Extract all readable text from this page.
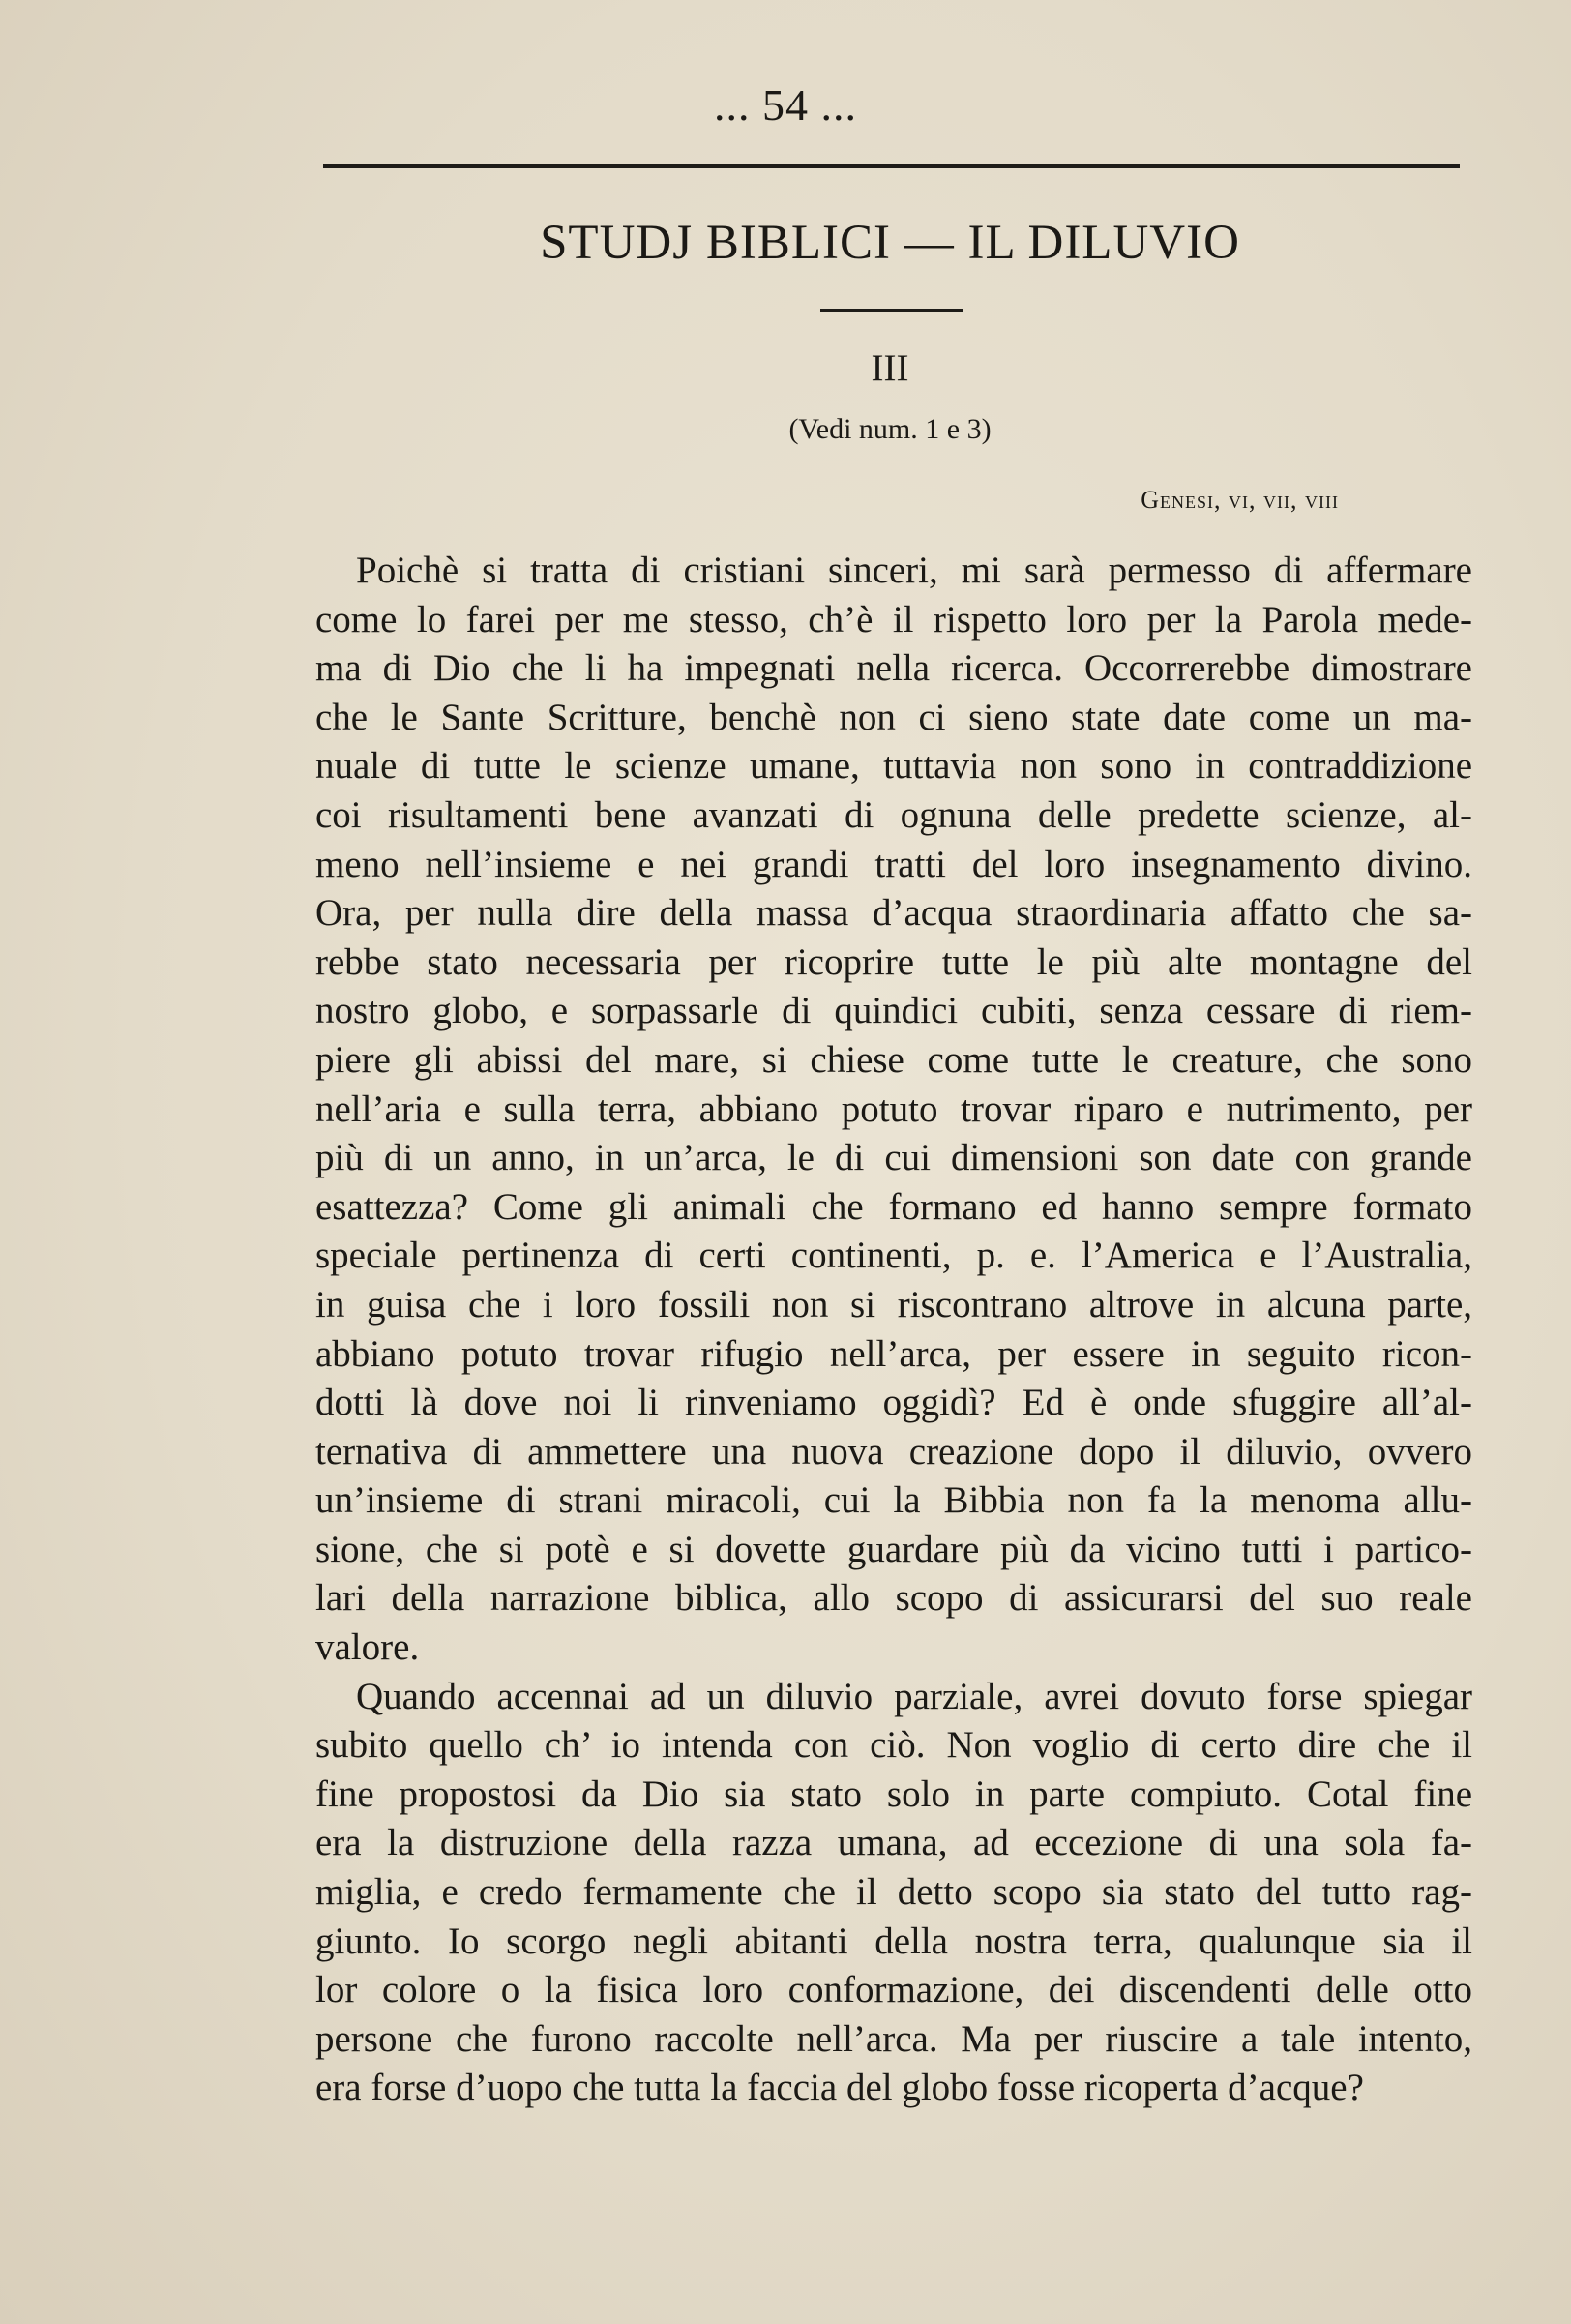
... 54 ...
STUDJ BIBLICI — IL DILUVIO
III
(Vedi num. 1 e 3)
Genesi, vi, vii, viii
Poichè si tratta di cristiani sinceri, mi sarà permesso di affermare
come lo farei per me stesso, ch’è il rispetto loro per la Parola mede-
ma di Dio che li ha impegnati nella ricerca. Occorrerebbe dimostrare
che le Sante Scritture, benchè non ci sieno state date come un ma-
nuale di tutte le scienze umane, tuttavia non sono in contraddizione
coi risultamenti bene avanzati di ognuna delle predette scienze, al-
meno nell’insieme e nei grandi tratti del loro insegnamento divino.
Ora, per nulla dire della massa d’acqua straordinaria affatto che sa-
rebbe stato necessaria per ricoprire tutte le più alte montagne del
nostro globo, e sorpassarle di quindici cubiti, senza cessare di riem-
piere gli abissi del mare, si chiese come tutte le creature, che sono
nell’aria e sulla terra, abbiano potuto trovar riparo e nutrimento, per
più di un anno, in un’arca, le di cui dimensioni son date con grande
esattezza? Come gli animali che formano ed hanno sempre formato
speciale pertinenza di certi continenti, p. e. l’America e l’Australia,
in guisa che i loro fossili non si riscontrano altrove in alcuna parte,
abbiano potuto trovar rifugio nell’arca, per essere in seguito ricon-
dotti là dove noi li rinveniamo oggidì? Ed è onde sfuggire all’al-
ternativa di ammettere una nuova creazione dopo il diluvio, ovvero
un’insieme di strani miracoli, cui la Bibbia non fa la menoma allu-
sione, che si potè e si dovette guardare più da vicino tutti i partico-
lari della narrazione biblica, allo scopo di assicurarsi del suo reale
valore.
Quando accennai ad un diluvio parziale, avrei dovuto forse spiegar
subito quello ch’ io intenda con ciò. Non voglio di certo dire che il
fine propostosi da Dio sia stato solo in parte compiuto. Cotal fine
era la distruzione della razza umana, ad eccezione di una sola fa-
miglia, e credo fermamente che il detto scopo sia stato del tutto rag-
giunto. Io scorgo negli abitanti della nostra terra, qualunque sia il
lor colore o la fisica loro conformazione, dei discendenti delle otto
persone che furono raccolte nell’arca. Ma per riuscire a tale intento,
era forse d’uopo che tutta la faccia del globo fosse ricoperta d’acque?
